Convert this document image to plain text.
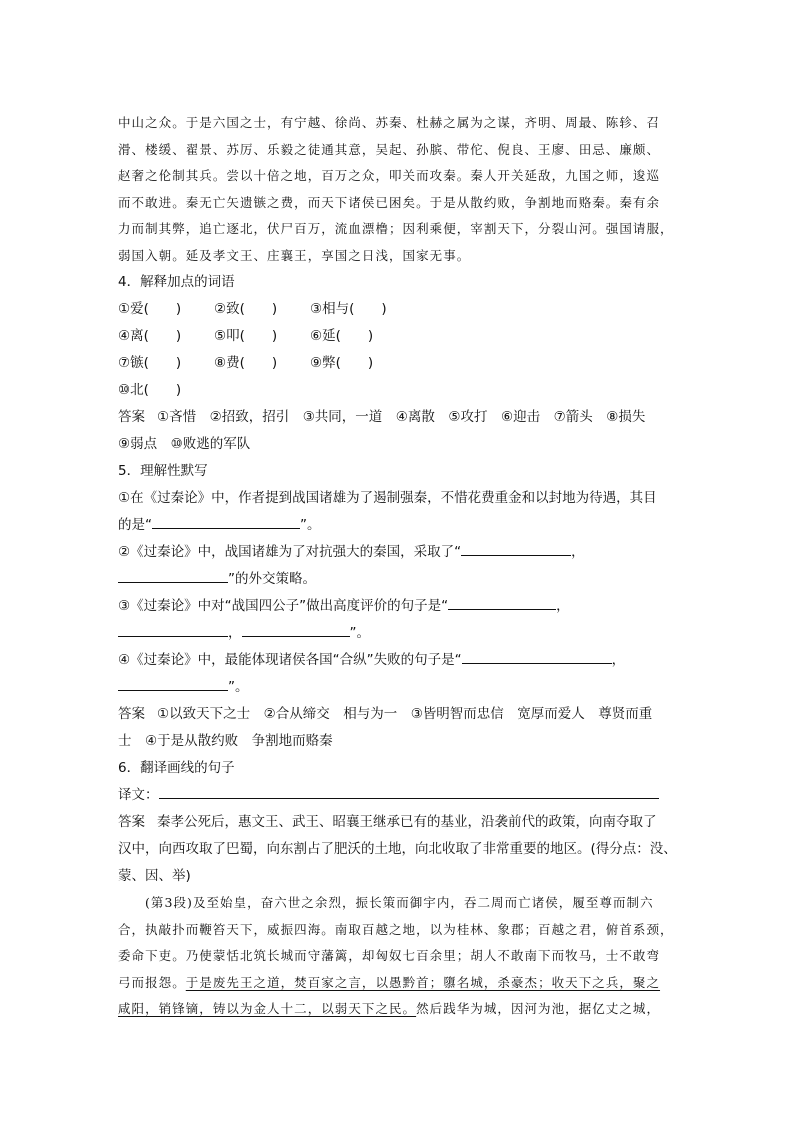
中山之众。于是六国之士，有宁越、徐尚、苏秦、杜赫之属为之谋，齐明、周最、陈轸、召

滑、楼缓、翟景、苏厉、乐毅之徒通其意，吴起、孙膑、带佗、倪良、王廖、田忌、廉颇、

赵奢之伦制其兵。尝以十倍之地，百万之众，叩关而攻秦。秦人开关延敌，九国之师，逡巡

而不敢进。秦无亡矢遗镞之费，而天下诸侯已困矣。于是从散约败，争割地而赂秦。秦有余

力而制其弊，追亡逐北，伏尸百万，流血漂橹；因利乘便，宰割天下，分裂山河。强国请服，

弱国入朝。延及孝文王、庄襄王，享国之日浅，国家无事。

4．解释加点的词语

①爱(　　)	②致(　　)	③相与(　　)
④离(　　)	⑤叩(　　)	⑥延(　　)
⑦镞(　　)	⑧费(　　)	⑨弊(　　)
⑩北(　　)

答案 ①吝惜　②招致，招引　③共同，一道　④离散　⑤攻打　⑥迎击　⑦箭头　⑧损失

⑨弱点　⑩败逃的军队

5．理解性默写

①在《过秦论》中，作者提到战国诸雄为了遏制强秦，不惜花费重金和以封地为待遇，其目

的是“	”。

②《过秦论》中，战国诸雄为了对抗强大的秦国，采取了“	，

”的外交策略。

③《过秦论》中对“战国四公子”做出高度评价的句子是“	，

，	”。

④《过秦论》中，最能体现诸侯各国“合纵”失败的句子是“	，

”。

答案 ①以致天下之士　②合从缔交　相与为一　③皆明智而忠信　宽厚而爱人　尊贤而重

士　④于是从散约败　争割地而赂秦

6．翻译画线的句子

译文：

答案 秦孝公死后，惠文王、武王、昭襄王继承已有的基业，沿袭前代的政策，向南夺取了

汉中，向西攻取了巴蜀，向东割占了肥沃的土地，向北收取了非常重要的地区。(得分点：没、

蒙、因、举)

(第3段)及至始皇，奋六世之余烈，振长策而御宇内，吞二周而亡诸侯，履至尊而制六

合，执敲扑而鞭笞天下，威振四海。南取百越之地，以为桂林、象郡；百越之君，俯首系颈，

委命下吏。乃使蒙恬北筑长城而守藩篱，却匈奴七百余里；胡人不敢南下而牧马，士不敢弯

弓而报怨。于是废先王之道，焚百家之言，以愚黔首；隳名城，杀豪杰；收天下之兵，聚之

咸阳，销锋镝，铸以为金人十二，以弱天下之民。然后践华为城，因河为池，据亿丈之城，
